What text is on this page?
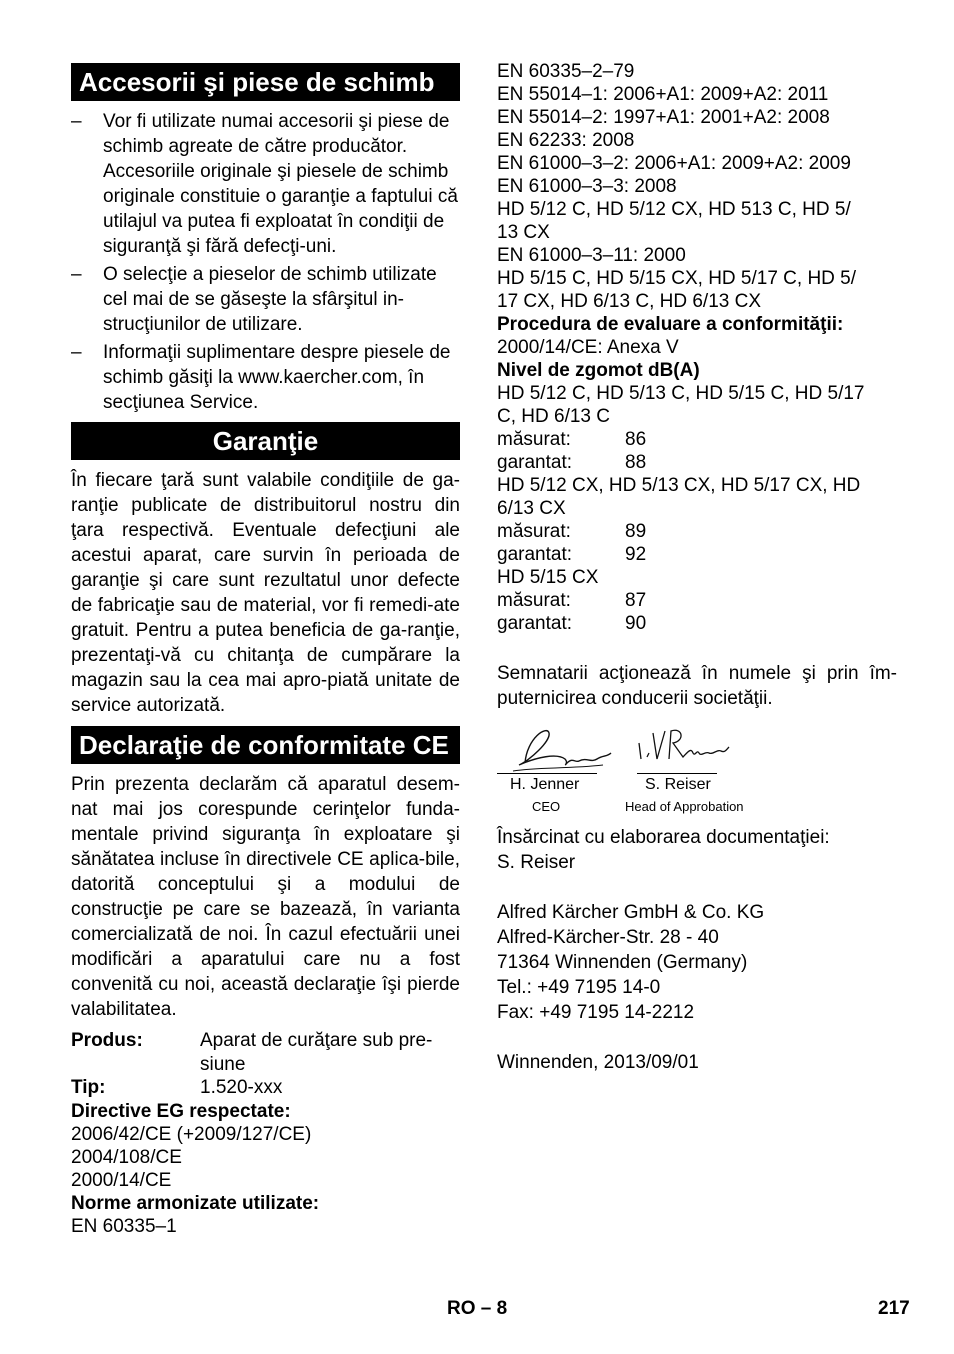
Accesorii şi piese de schimb
– Vor fi utilizate numai accesorii şi piese de schimb agreate de către producător. Accesoriile originale şi piesele de schimb originale constituie o garanţie a faptului că utilajul va putea fi exploatat în condiţii de siguranţă şi fără defecţi-uni.
– O selecţie a pieselor de schimb utilizate cel mai de se găseşte la sfârşitul in-strucţiunilor de utilizare.
– Informaţii suplimentare despre piesele de schimb găsiţi la www.kaercher.com, în secţiunea Service.
Garanţie
În fiecare ţară sunt valabile condiţiile de ga-ranţie publicate de distribuitorul nostru din ţara respectivă. Eventuale defecţiuni ale acestui aparat, care survin în perioada de garanţie şi care sunt rezultatul unor defecte de fabricaţie sau de material, vor fi remedi-ate gratuit. Pentru a putea beneficia de ga-ranţie, prezentaţi-vă cu chitanţa de cumpărare la magazin sau la cea mai apro-piată unitate de service autorizată.
Declaraţie de conformitate CE
Prin prezenta declarăm că aparatul desem-nat mai jos corespunde cerinţelor funda-mentale privind siguranţa în exploatare şi sănătatea incluse în directivele CE aplica-bile, datorită conceptului şi a modului de construcţie pe care se bazează, în varianta comercializată de noi. În cazul efectuării unei modificări a aparatului care nu a fost convenită cu noi, această declaraţie îşi pierde valabilitatea.
Produs:	Aparat de curăţare sub pre-siune
Tip:	1.520-xxx
Directive EG respectate:
2006/42/CE (+2009/127/CE)
2004/108/CE
2000/14/CE
Norme armonizate utilizate:
EN 60335–1
EN 60335–2–79
EN 55014–1: 2006+A1: 2009+A2: 2011
EN 55014–2: 1997+A1: 2001+A2: 2008
EN 62233: 2008
EN 61000–3–2: 2006+A1: 2009+A2: 2009
EN 61000–3–3: 2008
HD 5/12 C, HD 5/12 CX, HD 513 C, HD 5/
13 CX
EN 61000–3–11: 2000
HD 5/15 C, HD 5/15 CX, HD 5/17 C, HD 5/
17 CX, HD 6/13 C, HD 6/13 CX
Procedura de evaluare a conformităţii:
2000/14/CE: Anexa V
Nivel de zgomot dB(A)
HD 5/12 C, HD 5/13 C, HD 5/15 C, HD 5/17
C, HD 6/13 C
măsurat:	86
garantat:	88
HD 5/12 CX, HD 5/13 CX, HD 5/17 CX, HD
6/13 CX
măsurat:	89
garantat:	92
HD 5/15 CX
măsurat:	87
garantat:	90
Semnatarii acţionează în numele şi prin îm-puternicirea conducerii societăţii.
H. Jenner	S. Reiser
CEO	Head of Approbation
Însărcinat cu elaborarea documentaţiei:
S. Reiser
Alfred Kärcher GmbH & Co. KG
Alfred-Kärcher-Str. 28 - 40
71364 Winnenden (Germany)
Tel.: +49 7195 14-0
Fax: +49 7195 14-2212
Winnenden, 2013/09/01
RO – 8	217
